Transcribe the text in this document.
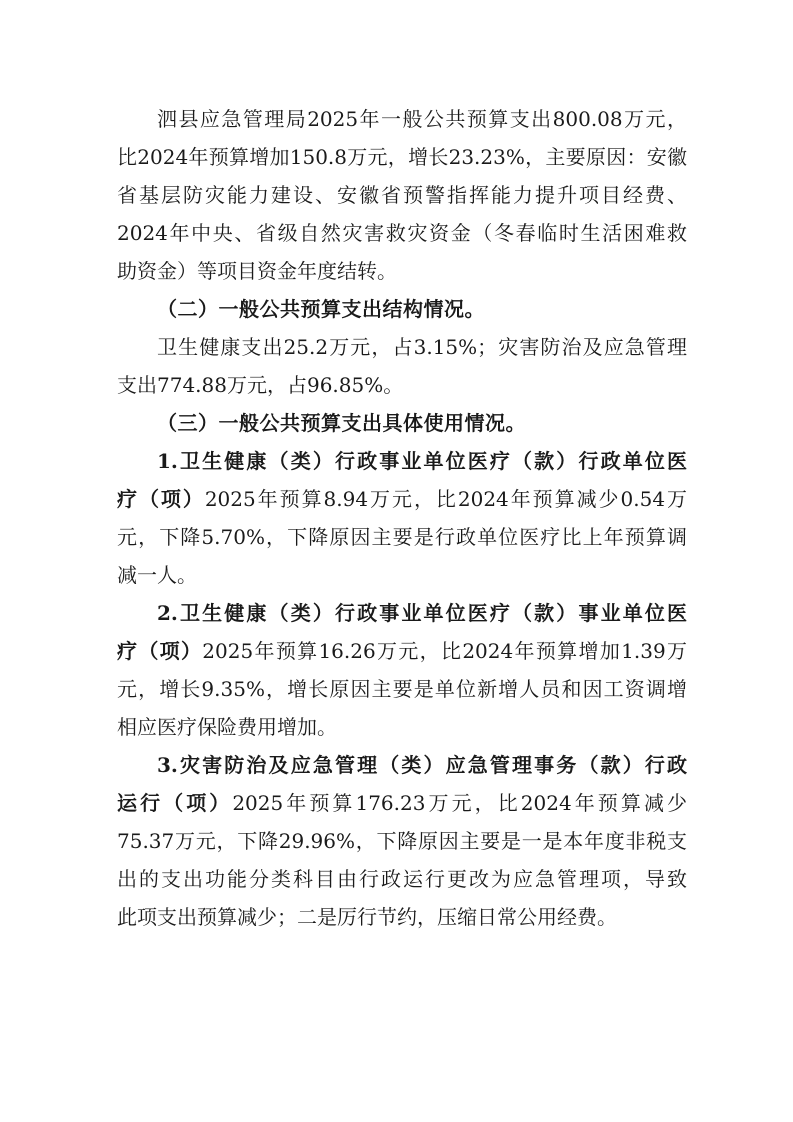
泗县应急管理局2025年一般公共预算支出800.08万元，
比2024年预算增加150.8万元，增长23.23%，主要原因：安徽
省基层防灾能力建设、安徽省预警指挥能力提升项目经费、
2024年中央、省级自然灾害救灾资金（冬春临时生活困难救
助资金）等项目资金年度结转。
（二）一般公共预算支出结构情况。
卫生健康支出25.2万元，占3.15%；灾害防治及应急管理
支出774.88万元，占96.85%。
（三）一般公共预算支出具体使用情况。
1.卫生健康（类）行政事业单位医疗（款）行政单位医
疗（项）2025年预算8.94万元，比2024年预算减少0.54万
元，下降5.70%，下降原因主要是行政单位医疗比上年预算调
减一人。
2.卫生健康（类）行政事业单位医疗（款）事业单位医
疗（项）2025年预算16.26万元，比2024年预算增加1.39万
元，增长9.35%，增长原因主要是单位新增人员和因工资调增
相应医疗保险费用增加。
3.灾害防治及应急管理（类）应急管理事务（款）行政
运行（项）2025年预算176.23万元，比2024年预算减少
75.37万元，下降29.96%，下降原因主要是一是本年度非税支
出的支出功能分类科目由行政运行更改为应急管理项，导致
此项支出预算减少；二是厉行节约，压缩日常公用经费。
